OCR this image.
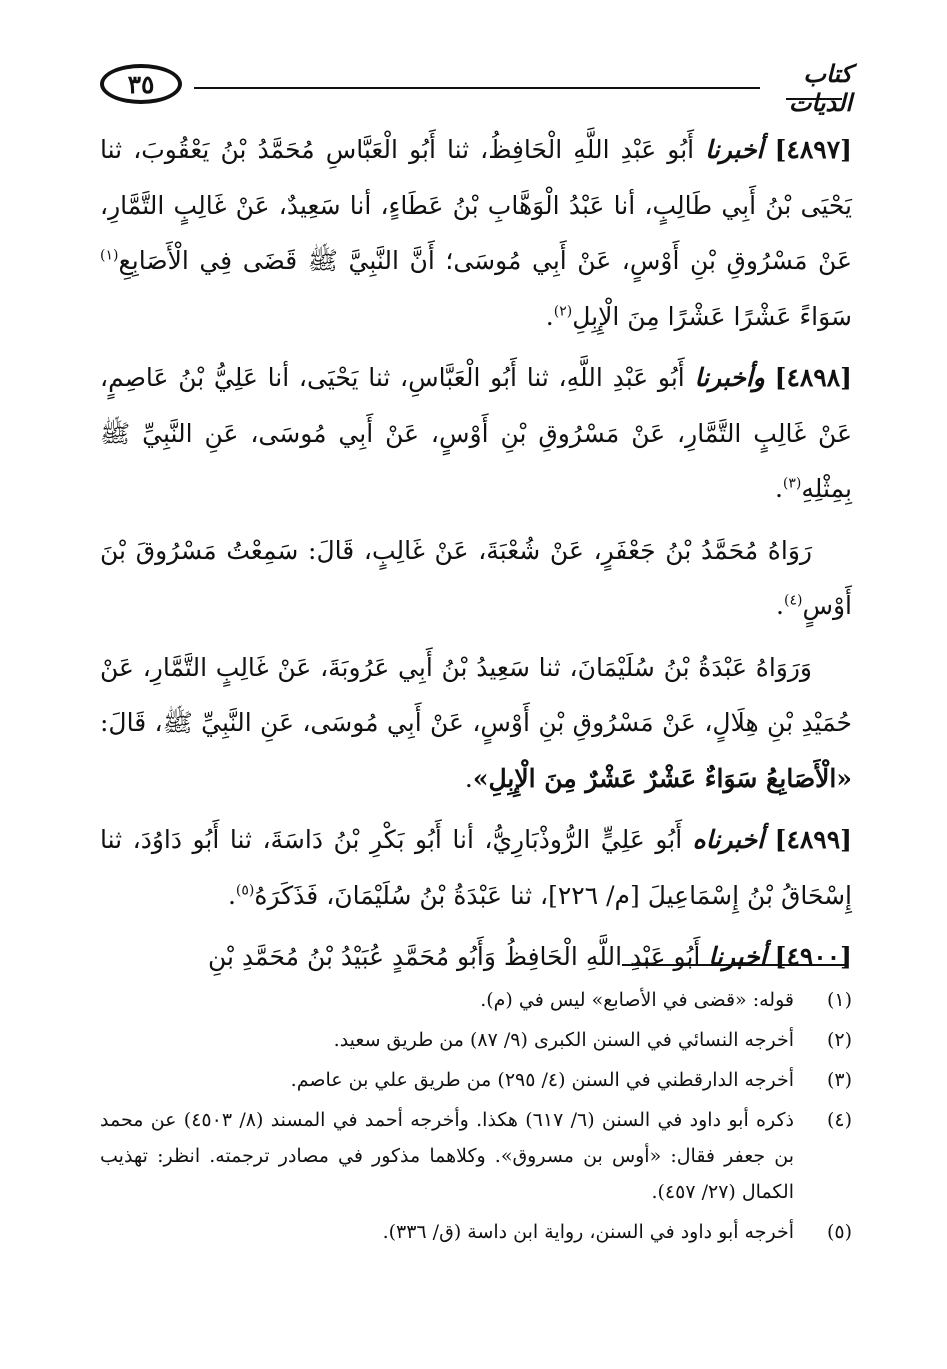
٣٥	كتاب الديات

[٤٨٩٧] أخبرنا أَبُو عَبْدِ اللَّهِ الْحَافِظُ، ثنا أَبُو الْعَبَّاسِ مُحَمَّدُ بْنُ يَعْقُوبَ، ثنا يَحْيَى بْنُ أَبِي طَالِبٍ، أنا عَبْدُ الْوَهَّابِ بْنُ عَطَاءٍ، أنا سَعِيدٌ، عَنْ غَالِبٍ التَّمَّارِ، عَنْ مَسْرُوقِ بْنِ أَوْسٍ، عَنْ أَبِي مُوسَى؛ أَنَّ النَّبِيَّ ﷺ قَضَى فِي الْأَصَابِعِ$^{(١)}$ سَوَاءً عَشْرًا عَشْرًا مِنَ الْإِبِلِ$^{(٢)}$.

[٤٨٩٨] وأخبرنا أَبُو عَبْدِ اللَّهِ، ثنا أَبُو الْعَبَّاسِ، ثنا يَحْيَى، أنا عَلِيُّ بْنُ عَاصِمٍ، عَنْ غَالِبٍ التَّمَّارِ، عَنْ مَسْرُوقِ بْنِ أَوْسٍ، عَنْ أَبِي مُوسَى، عَنِ النَّبِيِّ ﷺ بِمِثْلِهِ$^{(٣)}$.

رَوَاهُ مُحَمَّدُ بْنُ جَعْفَرٍ، عَنْ شُعْبَةَ، عَنْ غَالِبٍ، قَالَ: سَمِعْتُ مَسْرُوقَ بْنَ أَوْسٍ$^{(٤)}$.

وَرَوَاهُ عَبْدَةُ بْنُ سُلَيْمَانَ، ثنا سَعِيدُ بْنُ أَبِي عَرُوبَةَ، عَنْ غَالِبٍ التَّمَّارِ، عَنْ حُمَيْدِ بْنِ هِلَالٍ، عَنْ مَسْرُوقِ بْنِ أَوْسٍ، عَنْ أَبِي مُوسَى، عَنِ النَّبِيِّ ﷺ، قَالَ: «الْأَصَابِعُ سَوَاءٌ عَشْرٌ عَشْرٌ مِنَ الْإِبِلِ».

[٤٨٩٩] أخبرناه أَبُو عَلِيٍّ الرُّوذْبَارِيُّ، أنا أَبُو بَكْرِ بْنُ دَاسَةَ، ثنا أَبُو دَاوُدَ، ثنا إِسْحَاقُ بْنُ إِسْمَاعِيلَ [م/ ٢٢٦]، ثنا عَبْدَةُ بْنُ سُلَيْمَانَ، فَذَكَرَهُ$^{(٥)}$.

[٤٩٠٠] أخبرنا أَبُو عَبْدِ اللَّهِ الْحَافِظُ وَأَبُو مُحَمَّدٍ عُبَيْدُ بْنُ مُحَمَّدِ بْنِ

(١)
قوله: «قضى في الأصابع» ليس في (م).
(٢)
أخرجه النسائي في السنن الكبرى (٩/ ٨٧) من طريق سعيد.
(٣)
أخرجه الدارقطني في السنن (٤/ ٢٩٥) من طريق علي بن عاصم.
(٤)
ذكره أبو داود في السنن (٦/ ٦١٧) هكذا. وأخرجه أحمد في المسند (٨/ ٤٥٠٣) عن محمد بن جعفر فقال: «أوس بن مسروق». وكلاهما مذكور في مصادر ترجمته. انظر: تهذيب الكمال (٢٧/ ٤٥٧).
(٥)
أخرجه أبو داود في السنن، رواية ابن داسة (ق/ ٣٣٦).
